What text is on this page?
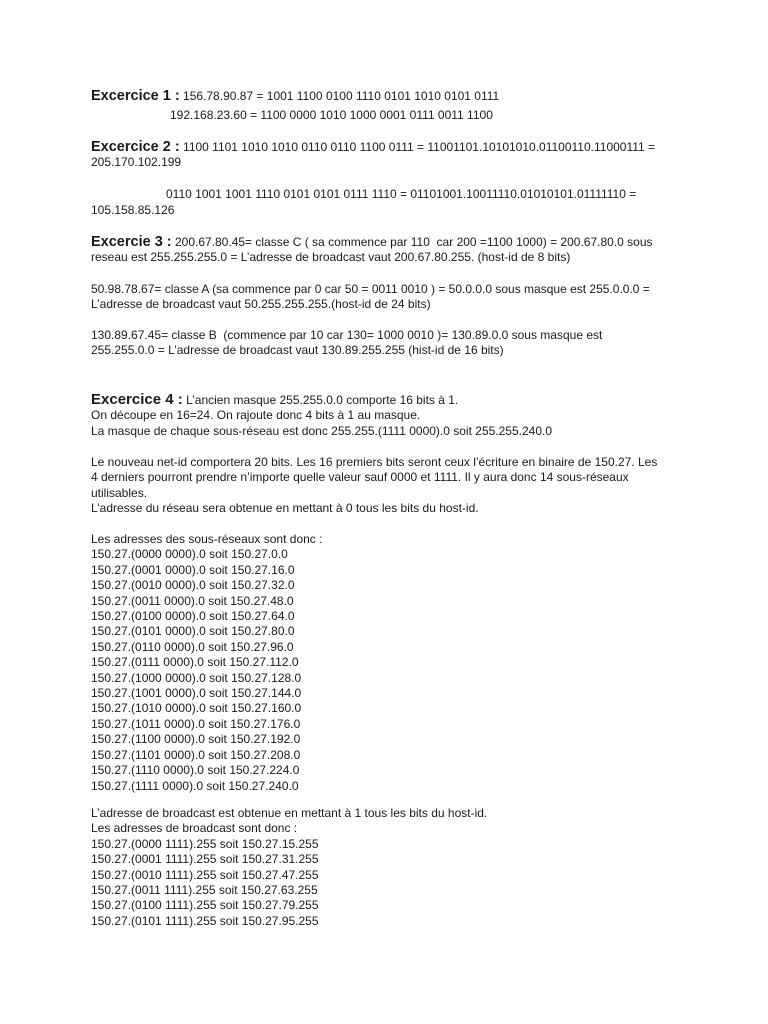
Excercice 1 : 156.78.90.87 = 1001 1100 0100 1110 0101 1010 0101 0111
192.168.23.60 = 1100 0000 1010 1000 0001 0111 0011 1100
Excercice 2 : 1100 1101 1010 1010 0110 0110 1100 0111 = 11001101.10101010.01100110.11000111 =
205.170.102.199
0110 1001 1001 1110 0101 0101 0111 1110 = 01101001.10011110.01010101.01111110 =
105.158.85.126
Excercie 3 : 200.67.80.45= classe C ( sa commence par 110  car 200 =1100 1000) = 200.67.80.0 sous
reseau est 255.255.255.0 = L’adresse de broadcast vaut 200.67.80.255. (host-id de 8 bits)
50.98.78.67= classe A (sa commence par 0 car 50 = 0011 0010 ) = 50.0.0.0 sous masque est 255.0.0.0 =
L’adresse de broadcast vaut 50.255.255.255.(host-id de 24 bits)
130.89.67.45= classe B  (commence par 10 car 130= 1000 0010 )= 130.89.0.0 sous masque est
255.255.0.0 = L’adresse de broadcast vaut 130.89.255.255 (hist-id de 16 bits)
Excercice 4 : L’ancien masque 255.255.0.0 comporte 16 bits à 1.
On découpe en 16=24. On rajoute donc 4 bits à 1 au masque.
La masque de chaque sous-réseau est donc 255.255.(1111 0000).0 soit 255.255.240.0
Le nouveau net-id comportera 20 bits. Les 16 premiers bits seront ceux l’écriture en binaire de 150.27. Les
4 derniers pourront prendre n’importe quelle valeur sauf 0000 et 1111. Il y aura donc 14 sous-réseaux
utilisables.
L’adresse du réseau sera obtenue en mettant à 0 tous les bits du host-id.
Les adresses des sous-réseaux sont donc :
150.27.(0000 0000).0 soit 150.27.0.0
150.27.(0001 0000).0 soit 150.27.16.0
150.27.(0010 0000).0 soit 150.27.32.0
150.27.(0011 0000).0 soit 150.27.48.0
150.27.(0100 0000).0 soit 150.27.64.0
150.27.(0101 0000).0 soit 150.27.80.0
150.27.(0110 0000).0 soit 150.27.96.0
150.27.(0111 0000).0 soit 150.27.112.0
150.27.(1000 0000).0 soit 150.27.128.0
150.27.(1001 0000).0 soit 150.27.144.0
150.27.(1010 0000).0 soit 150.27.160.0
150.27.(1011 0000).0 soit 150.27.176.0
150.27.(1100 0000).0 soit 150.27.192.0
150.27.(1101 0000).0 soit 150.27.208.0
150.27.(1110 0000).0 soit 150.27.224.0
150.27.(1111 0000).0 soit 150.27.240.0
L’adresse de broadcast est obtenue en mettant à 1 tous les bits du host-id.
Les adresses de broadcast sont donc :
150.27.(0000 1111).255 soit 150.27.15.255
150.27.(0001 1111).255 soit 150.27.31.255
150.27.(0010 1111).255 soit 150.27.47.255
150.27.(0011 1111).255 soit 150.27.63.255
150.27.(0100 1111).255 soit 150.27.79.255
150.27.(0101 1111).255 soit 150.27.95.255
